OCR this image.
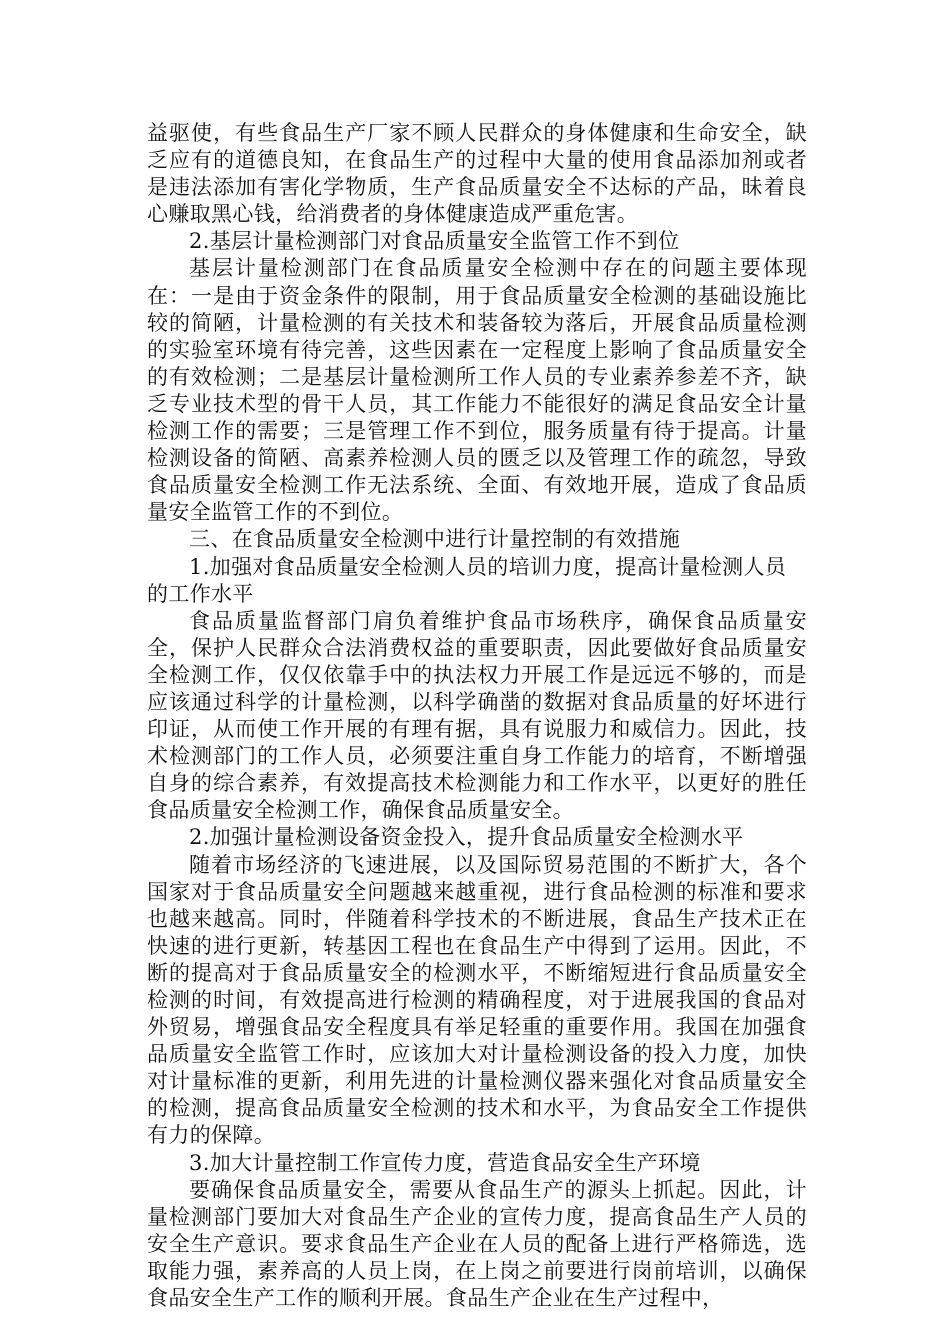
益驱使，有些食品生产厂家不顾人民群众的身体健康和生命安全，缺乏应有的道德良知，在食品生产的过程中大量的使用食品添加剂或者是违法添加有害化学物质，生产食品质量安全不达标的产品，昧着良心赚取黑心钱，给消费者的身体健康造成严重危害。

2.基层计量检测部门对食品质量安全监管工作不到位

基层计量检测部门在食品质量安全检测中存在的问题主要体现在：一是由于资金条件的限制，用于食品质量安全检测的基础设施比较的简陋，计量检测的有关技术和装备较为落后，开展食品质量检测的实验室环境有待完善，这些因素在一定程度上影响了食品质量安全的有效检测；二是基层计量检测所工作人员的专业素养参差不齐，缺乏专业技术型的骨干人员，其工作能力不能很好的满足食品安全计量检测工作的需要；三是管理工作不到位，服务质量有待于提高。计量检测设备的简陋、高素养检测人员的匮乏以及管理工作的疏忽，导致食品质量安全检测工作无法系统、全面、有效地开展，造成了食品质量安全监管工作的不到位。

三、在食品质量安全检测中进行计量控制的有效措施

1.加强对食品质量安全检测人员的培训力度，提高计量检测人员的工作水平

食品质量监督部门肩负着维护食品市场秩序，确保食品质量安全，保护人民群众合法消费权益的重要职责，因此要做好食品质量安全检测工作，仅仅依靠手中的执法权力开展工作是远远不够的，而是应该通过科学的计量检测，以科学确凿的数据对食品质量的好坏进行印证，从而使工作开展的有理有据，具有说服力和威信力。因此，技术检测部门的工作人员，必须要注重自身工作能力的培育，不断增强自身的综合素养，有效提高技术检测能力和工作水平，以更好的胜任食品质量安全检测工作，确保食品质量安全。

2.加强计量检测设备资金投入，提升食品质量安全检测水平

随着市场经济的飞速进展，以及国际贸易范围的不断扩大，各个国家对于食品质量安全问题越来越重视，进行食品检测的标准和要求也越来越高。同时，伴随着科学技术的不断进展，食品生产技术正在快速的进行更新，转基因工程也在食品生产中得到了运用。因此，不断的提高对于食品质量安全的检测水平，不断缩短进行食品质量安全检测的时间，有效提高进行检测的精确程度，对于进展我国的食品对外贸易，增强食品安全程度具有举足轻重的重要作用。我国在加强食品质量安全监管工作时，应该加大对计量检测设备的投入力度，加快对计量标准的更新，利用先进的计量检测仪器来强化对食品质量安全的检测，提高食品质量安全检测的技术和水平，为食品安全工作提供有力的保障。

3.加大计量控制工作宣传力度，营造食品安全生产环境

要确保食品质量安全，需要从食品生产的源头上抓起。因此，计量检测部门要加大对食品生产企业的宣传力度，提高食品生产人员的安全生产意识。要求食品生产企业在人员的配备上进行严格筛选，选取能力强，素养高的人员上岗，在上岗之前要进行岗前培训，以确保食品安全生产工作的顺利开展。食品生产企业在生产过程中，
